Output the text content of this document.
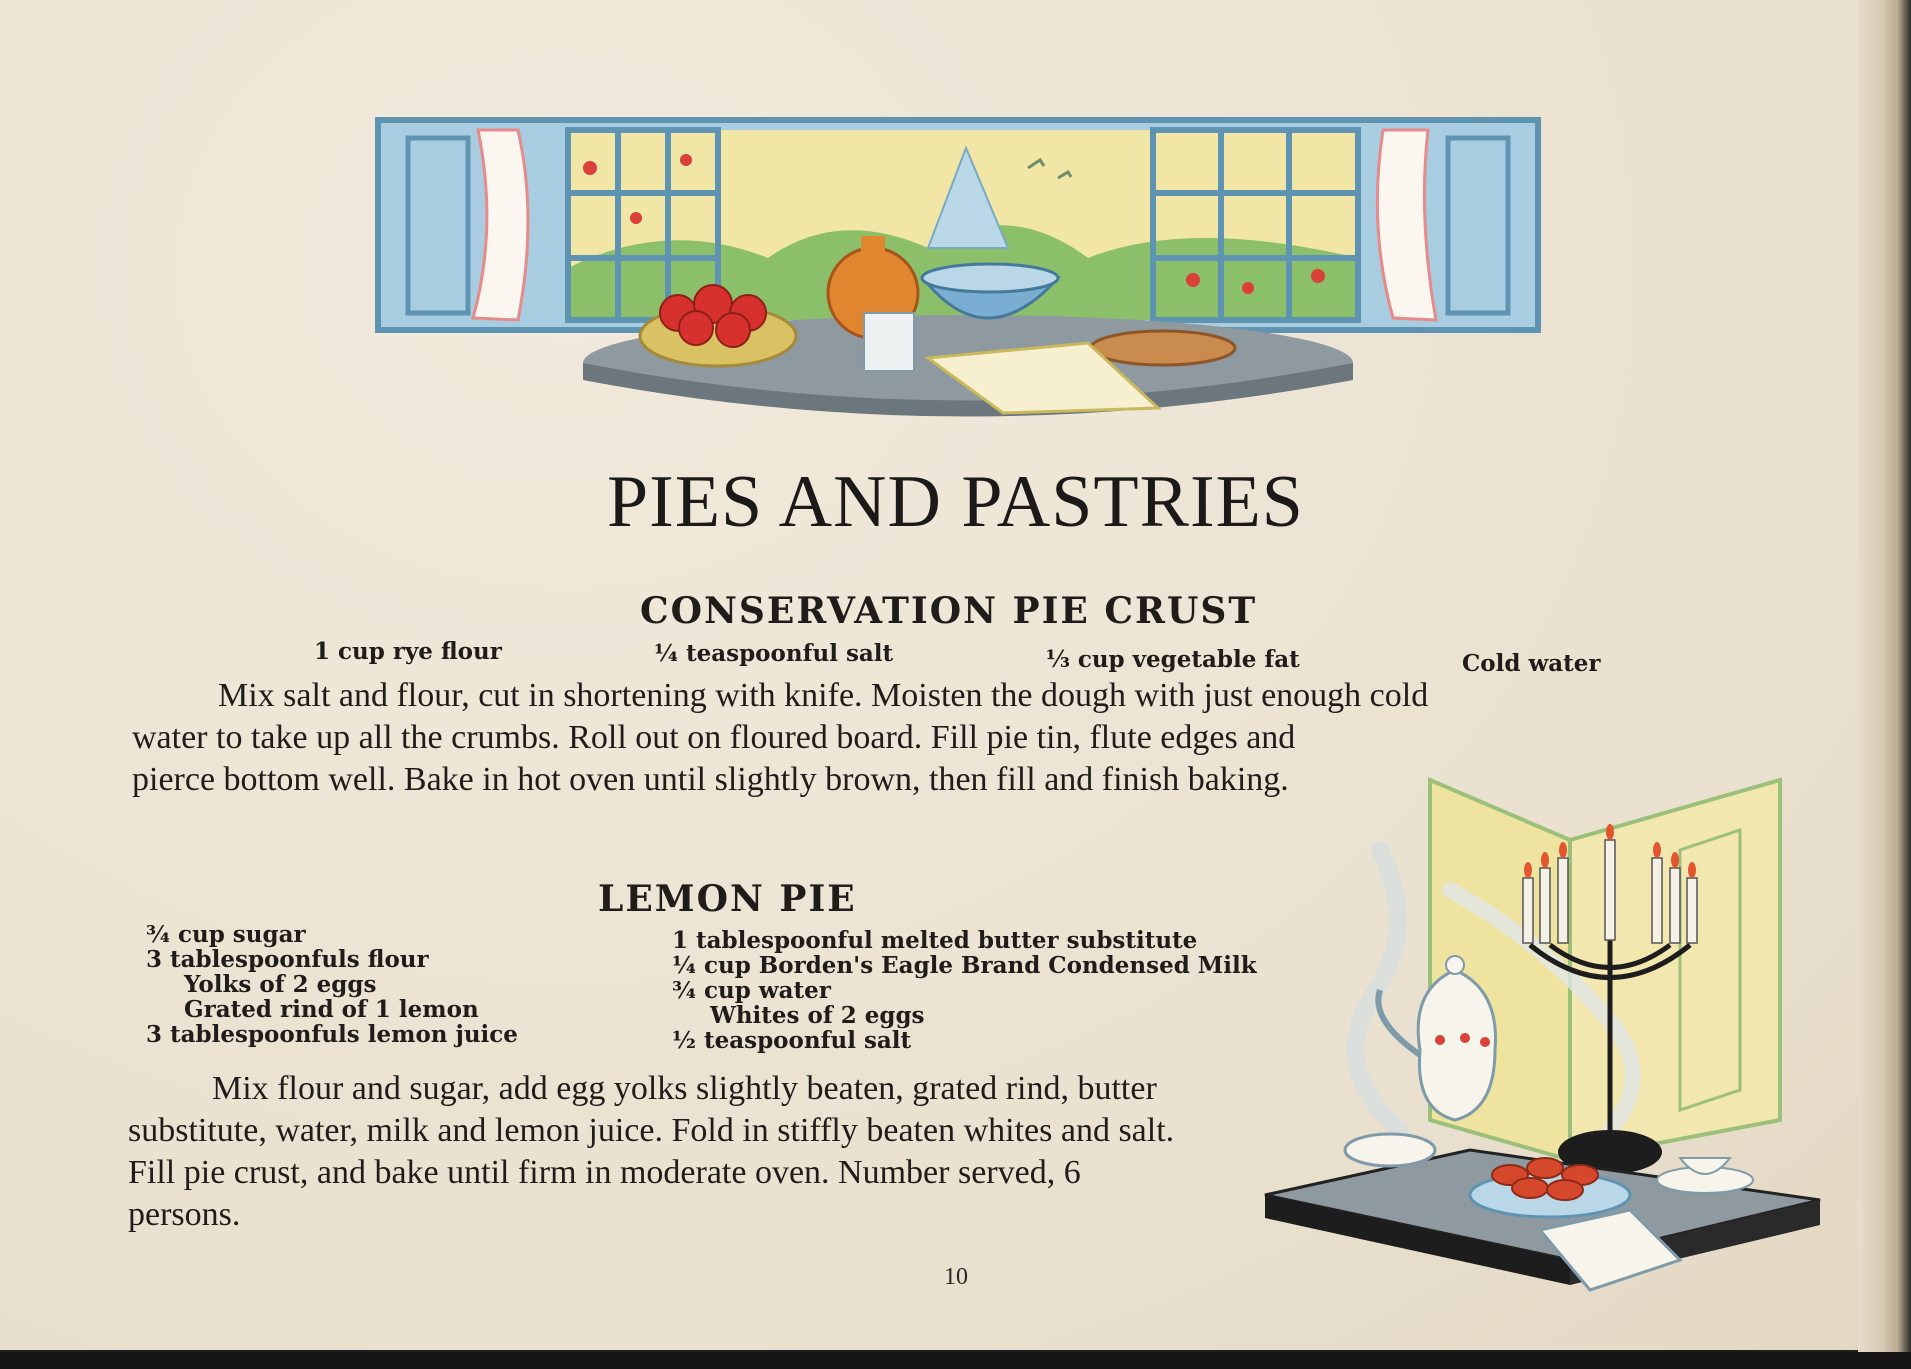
PIES AND PASTRIES
CONSERVATION PIE CRUST
1 cup rye flour	¼ teaspoonful salt	⅓ cup vegetable fat	Cold water
Mix salt and flour, cut in shortening with knife. Moisten the dough with just enough cold
water to take up all the crumbs. Roll out on floured board. Fill pie tin, flute edges and pierce bottom well. Bake in hot oven until slightly brown, then fill and finish baking.
LEMON PIE
¾ cup sugar
3 tablespoonfuls flour
Yolks of 2 eggs
Grated rind of 1 lemon
3 tablespoonfuls lemon juice
1 tablespoonful melted butter substitute
¼ cup Borden's Eagle Brand Condensed Milk
¾ cup water
Whites of 2 eggs
½ teaspoonful salt
Mix flour and sugar, add egg yolks slightly beaten, grated rind, butter substitute, water, milk and lemon juice. Fold in stiffly beaten whites and salt. Fill pie crust, and bake until firm in moderate oven. Number served, 6 persons.
10
